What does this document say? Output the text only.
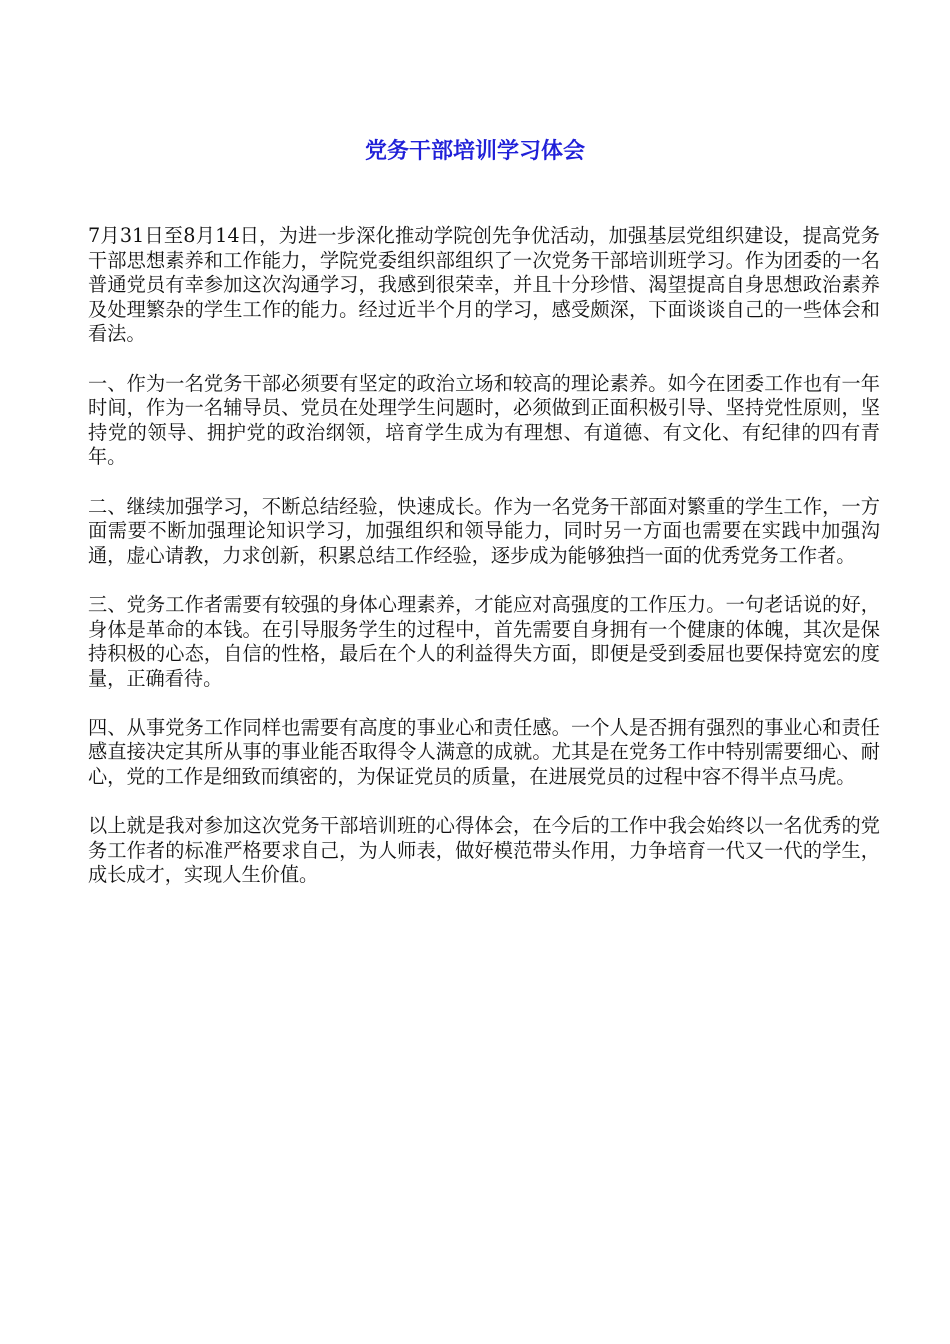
党务干部培训学习体会

7月31日至8月14日，为进一步深化推动学院创先争优活动，加强基层党组织建设，提高党务干部思想素养和工作能力，学院党委组织部组织了一次党务干部培训班学习。作为团委的一名普通党员有幸参加这次沟通学习，我感到很荣幸，并且十分珍惜、渴望提高自身思想政治素养及处理繁杂的学生工作的能力。经过近半个月的学习，感受颇深，下面谈谈自己的一些体会和看法。

一、作为一名党务干部必须要有坚定的政治立场和较高的理论素养。如今在团委工作也有一年时间，作为一名辅导员、党员在处理学生问题时，必须做到正面积极引导、坚持党性原则，坚持党的领导、拥护党的政治纲领，培育学生成为有理想、有道德、有文化、有纪律的四有青年。

二、继续加强学习，不断总结经验，快速成长。作为一名党务干部面对繁重的学生工作，一方面需要不断加强理论知识学习，加强组织和领导能力，同时另一方面也需要在实践中加强沟通，虚心请教，力求创新，积累总结工作经验，逐步成为能够独挡一面的优秀党务工作者。

三、党务工作者需要有较强的身体心理素养，才能应对高强度的工作压力。一句老话说的好，身体是革命的本钱。在引导服务学生的过程中，首先需要自身拥有一个健康的体魄，其次是保持积极的心态，自信的性格，最后在个人的利益得失方面，即便是受到委屈也要保持宽宏的度量，正确看待。

四、从事党务工作同样也需要有高度的事业心和责任感。一个人是否拥有强烈的事业心和责任感直接决定其所从事的事业能否取得令人满意的成就。尤其是在党务工作中特别需要细心、耐心，党的工作是细致而缜密的，为保证党员的质量，在进展党员的过程中容不得半点马虎。

以上就是我对参加这次党务干部培训班的心得体会，在今后的工作中我会始终以一名优秀的党务工作者的标准严格要求自己，为人师表，做好模范带头作用，力争培育一代又一代的学生，成长成才，实现人生价值。
